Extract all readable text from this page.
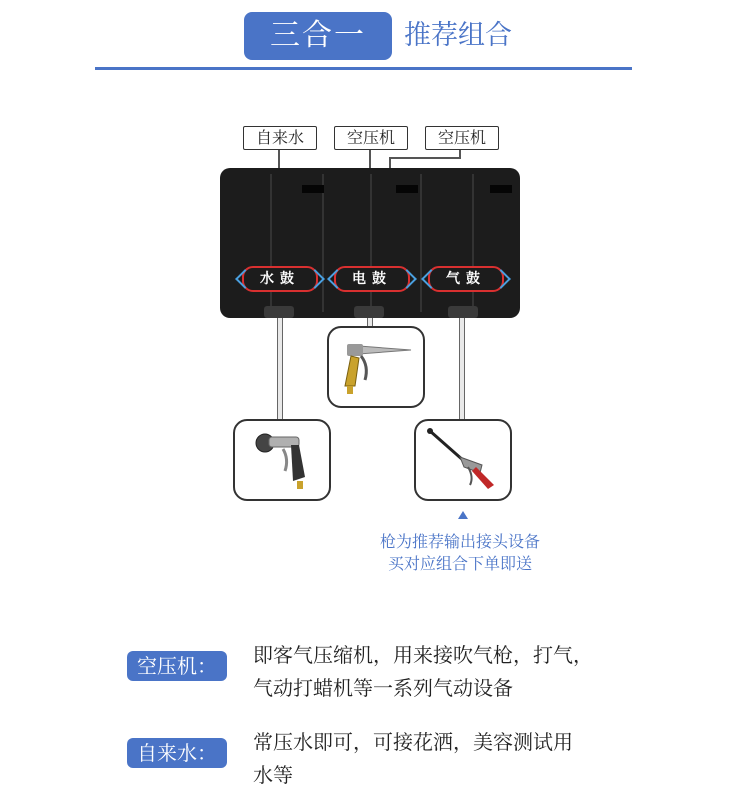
三合一	推荐组合
自来水	空压机	空压机
水鼓	电鼓	气鼓
枪为推荐输出接头设备
买对应组合下单即送
空压机：	即客气压缩机，用来接吹气枪，打气，
气动打蜡机等一系列气动设备
自来水：	常压水即可，可接花洒，美容测试用
水等
